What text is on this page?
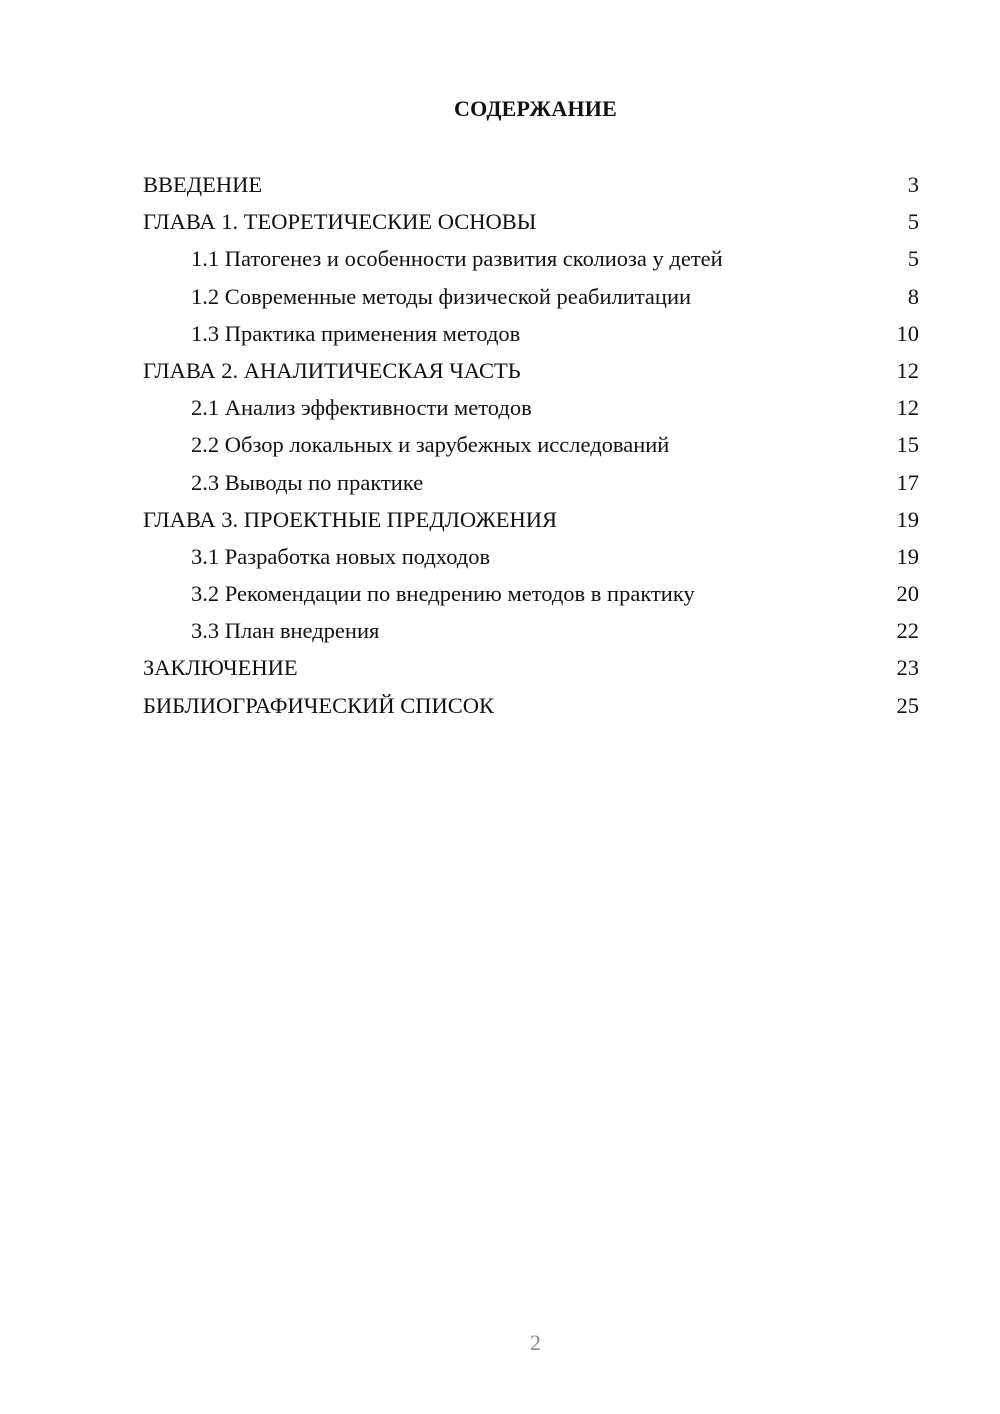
СОДЕРЖАНИЕ
ВВЕДЕНИЕ	3
ГЛАВА 1. ТЕОРЕТИЧЕСКИЕ ОСНОВЫ	5
1.1 Патогенез и особенности развития сколиоза у детей	5
1.2 Современные методы физической реабилитации	8
1.3 Практика применения методов	10
ГЛАВА 2. АНАЛИТИЧЕСКАЯ ЧАСТЬ	12
2.1 Анализ эффективности методов	12
2.2 Обзор локальных и зарубежных исследований	15
2.3 Выводы по практике	17
ГЛАВА 3. ПРОЕКТНЫЕ ПРЕДЛОЖЕНИЯ	19
3.1 Разработка новых подходов	19
3.2 Рекомендации по внедрению методов в практику	20
3.3 План внедрения	22
ЗАКЛЮЧЕНИЕ	23
БИБЛИОГРАФИЧЕСКИЙ СПИСОК	25
2
